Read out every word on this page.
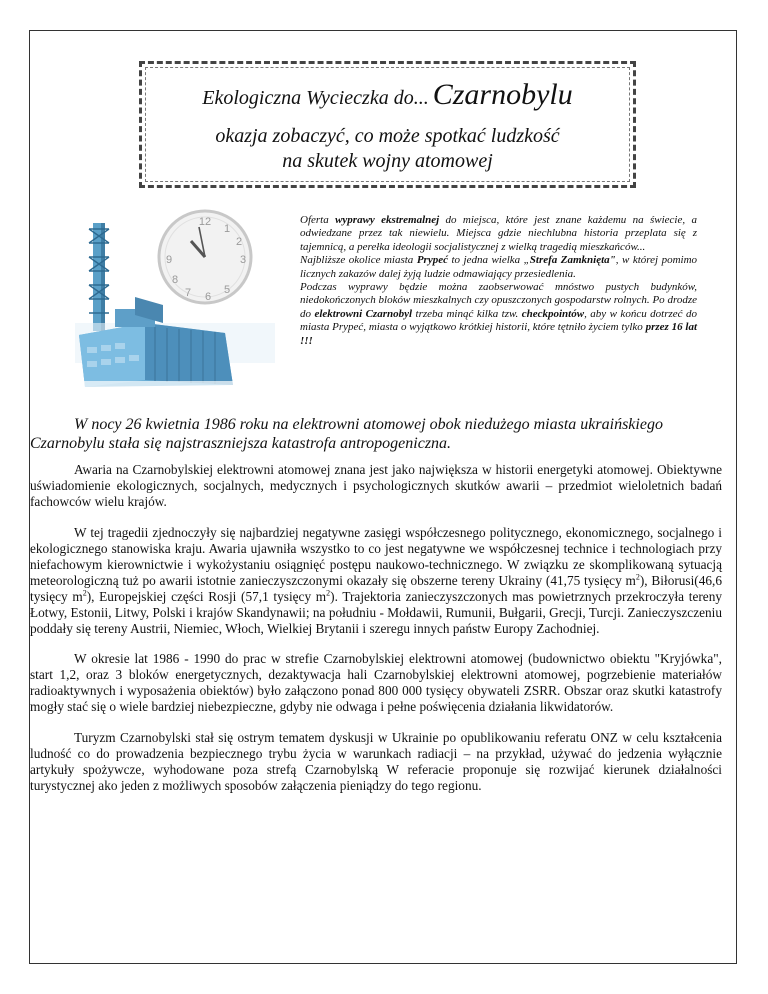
Ekologiczna Wycieczka do... Czarnobylu
okazja zobaczyć, co może spotkać ludzkość
na skutek wojny atomowej
12
1
2
3
9
8
7 6
5

Oferta wyprawy ekstremalnej do miejsca, które jest znane każdemu na świecie, a odwiedzane przez tak niewielu. Miejsca gdzie niechlubna historia przeplata się z tajemnicą, a perełka ideologii socjalistycznej z wielką tragedią mieszkańców...

Najbliższe okolice miasta Prypeć to jedna wielka „Strefa Zamknięta", w której pomimo licznych zakazów dalej żyją ludzie odmawiający przesiedlenia.

Podczas wyprawy będzie można zaobserwować mnóstwo pustych budynków, niedokończonych bloków mieszkalnych czy opuszczonych gospodarstw rolnych. Po drodze do elektrowni Czarnobyl trzeba minąć kilka tzw. checkpointów, aby w końcu dotrzeć do miasta Prypeć, miasta o wyjątkowo krótkiej historii, które tętniło życiem tylko przez 16 lat !!!

W nocy 26 kwietnia 1986 roku na elektrowni atomowej obok niedużego miasta ukraińskiego Czarnobylu stała się najstraszniejsza katastrofa antropogeniczna.

Awaria na Czarnobylskiej elektrowni atomowej znana jest jako największa w historii energetyki atomowej. Obiektywne uświadomienie ekologicznych, socjalnych, medycznych i psychologicznych skutków awarii – przedmiot wieloletnich badań fachowców wielu krajów.

W tej tragedii zjednoczyły się najbardziej negatywne zasięgi współczesnego politycznego, ekonomicznego, socjalnego i ekologicznego stanowiska kraju. Awaria ujawniła wszystko to co jest negatywne we współczesnej technice i technologiach przy niefachowym kierownictwie i wykożystaniu osiągnięć postępu naukowo-technicznego. W związku ze skomplikowaną sytuacją meteorologiczną tuż po awarii istotnie zanieczyszczonymi okazały się obszerne tereny Ukrainy (41,75 tysięcy $m^2$), Biłorusi(46,6 tysięcy $m^2$), Europejskiej części Rosji (57,1 tysięcy $m^2$). Trajektoria zanieczyszczonych mas powietrznych przekroczyła tereny Łotwy, Estonii, Litwy, Polski i krajów Skandynawii; na południu - Mołdawii, Rumunii, Bułgarii, Grecji, Turcji. Zanieczyszczeniu poddały się tereny Austrii, Niemiec, Włoch, Wielkiej Brytanii i szeregu innych państw Europy Zachodniej.

W okresie lat 1986 - 1990 do prac w strefie Czarnobylskiej elektrowni atomowej (budownictwo obiektu "Kryjówka", start 1,2, oraz 3 bloków energetycznych, dezaktywacja hali Czarnobylskiej elektrowni atomowej, pogrzebienie materiałów radioaktywnych i wyposażenia obiektów) było załączono ponad 800 000 tysięcy obywateli ZSRR. Obszar oraz skutki katastrofy mogły stać się o wiele bardziej niebezpieczne, gdyby nie odwaga i pełne poświęcenia działania likwidatorów.

Turyzm Czarnobylski stał się ostrym tematem dyskusji w Ukrainie po opublikowaniu referatu ONZ w celu kształcenia ludność co do prowadzenia bezpiecznego trybu życia w warunkach radiacji – na przykład, używać do jedzenia wyłącznie artykuły spożywcze, wyhodowane poza strefą Czarnobylską W referacie proponuje się rozwijać kierunek działalności turystycznej ako jeden z możliwych sposobów załączenia pieniądzy do tego regionu.
